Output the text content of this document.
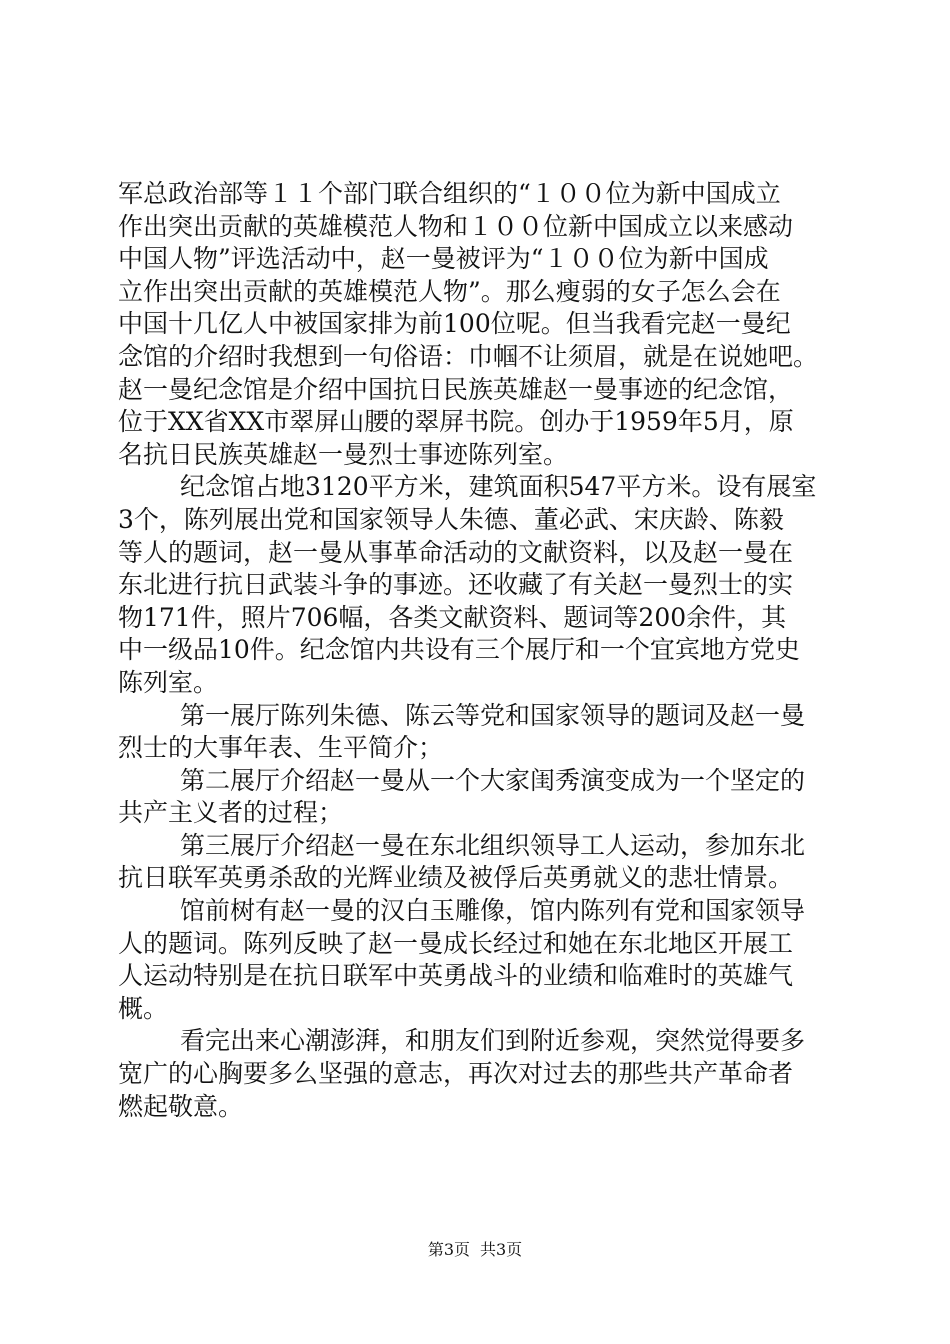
军总政治部等１１个部门联合组织的“１００位为新中国成立
作出突出贡献的英雄模范人物和１００位新中国成立以来感动
中国人物”评选活动中，赵一曼被评为“１００位为新中国成
立作出突出贡献的英雄模范人物”。那么瘦弱的女子怎么会在
中国十几亿人中被国家排为前100位呢。但当我看完赵一曼纪
念馆的介绍时我想到一句俗语：巾帼不让须眉，就是在说她吧。
赵一曼纪念馆是介绍中国抗日民族英雄赵一曼事迹的纪念馆，
位于XX省XX市翠屏山腰的翠屏书院。创办于1959年5月，原
名抗日民族英雄赵一曼烈士事迹陈列室。
纪念馆占地3120平方米，建筑面积547平方米。设有展室
3个，陈列展出党和国家领导人朱德、董必武、宋庆龄、陈毅
等人的题词，赵一曼从事革命活动的文献资料，以及赵一曼在
东北进行抗日武装斗争的事迹。还收藏了有关赵一曼烈士的实
物171件，照片706幅，各类文献资料、题词等200余件，其
中一级品10件。纪念馆内共设有三个展厅和一个宜宾地方党史
陈列室。
第一展厅陈列朱德、陈云等党和国家领导的题词及赵一曼
烈士的大事年表、生平简介；
第二展厅介绍赵一曼从一个大家闺秀演变成为一个坚定的
共产主义者的过程；
第三展厅介绍赵一曼在东北组织领导工人运动，参加东北
抗日联军英勇杀敌的光辉业绩及被俘后英勇就义的悲壮情景。
馆前树有赵一曼的汉白玉雕像，馆内陈列有党和国家领导
人的题词。陈列反映了赵一曼成长经过和她在东北地区开展工
人运动特别是在抗日联军中英勇战斗的业绩和临难时的英雄气
概。
看完出来心潮澎湃，和朋友们到附近参观，突然觉得要多
宽广的心胸要多么坚强的意志，再次对过去的那些共产革命者
燃起敬意。
第3页 共3页
